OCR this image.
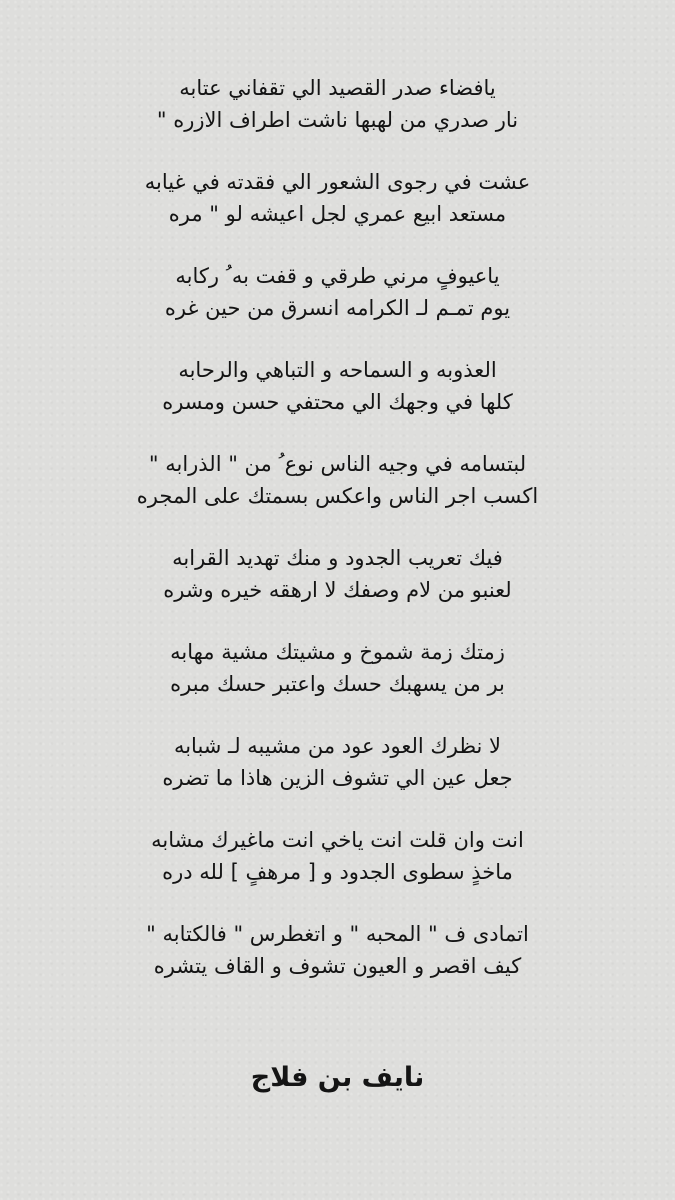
يافضاء صدر القصيد الي تقفاني عتابه
نار صدري من لهبها ناشت اطراف الازره "
عشت في رجوى الشعور الي فقدته في غيابه
مستعد ابيع عمري لجل اعيشه لو " مره
ياعيوفٍ مرني طرقي و قفت به ُ ركابه
يوم تمـم لـ الكرامه انسرق من حين غره
العذوبه و السماحه و التباهي والرحابه
كلها في وجهك الي محتفي حسن ومسره
لبتسامه في وجيه الناس نوع ُ من " الذرابه "
اكسب اجر الناس واعكس بسمتك على المجره
فيك تعريب الجدود و منك تهديد القرابه
لعنبو من لام وصفك لا ارهقه خيره وشره
زمتك زمة شموخ و مشيتك مشية مهابه
بر من يسهبك حسك واعتبر حسك مبره
لا نظرك العود عود من مشيبه لـ شبابه
جعل عين الي تشوف الزين هاذا ما تضره
انت وان قلت انت ياخي انت ماغيرك مشابه
ماخذٍ سطوى الجدود و [ مرهفٍ ] لله دره
اتمادى ف " المحبه " و اتغطرس " فالكتابه "
كيف اقصر و العيون تشوف و القاف يتشره
نايف بن فلاج
